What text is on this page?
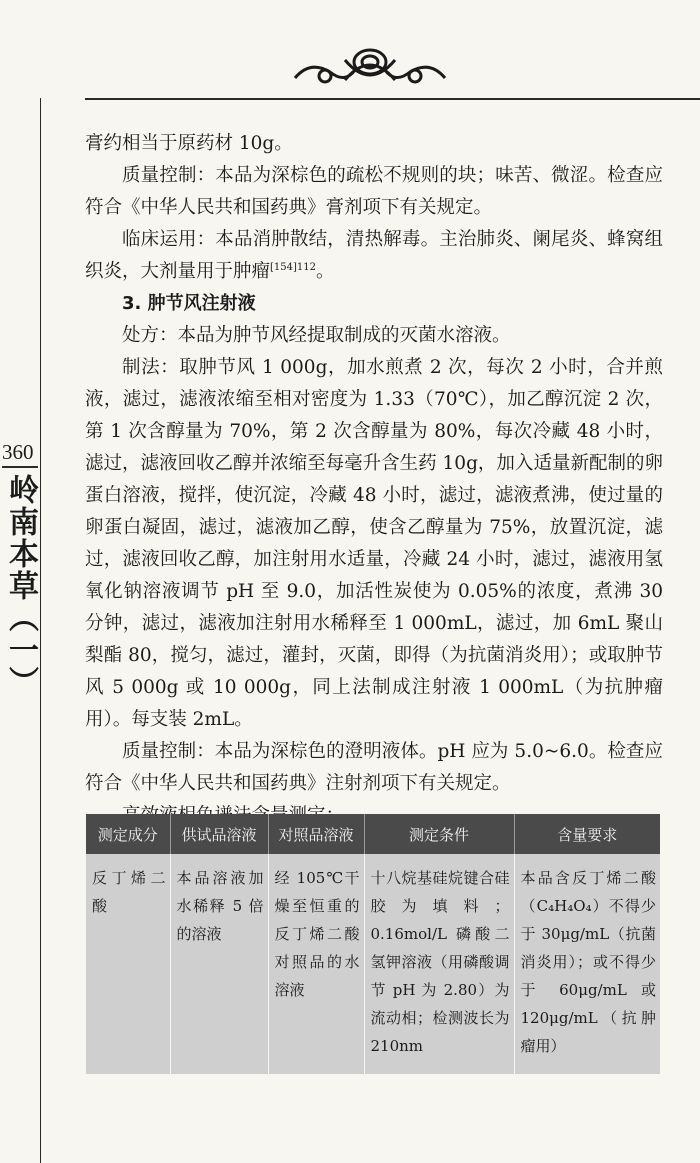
360
岭南本草（一）

膏约相当于原药材 10g。

质量控制：本品为深棕色的疏松不规则的块；味苦、微涩。检查应符合《中华人民共和国药典》膏剂项下有关规定。

临床运用：本品消肿散结，清热解毒。主治肺炎、阑尾炎、蜂窝组织炎，大剂量用于肿瘤$^{[154]112}$。

3. 肿节风注射液

处方：本品为肿节风经提取制成的灭菌水溶液。

制法：取肿节风 1 000g，加水煎煮 2 次，每次 2 小时，合并煎液，滤过，滤液浓缩至相对密度为 1.33（70℃），加乙醇沉淀 2 次，第 1 次含醇量为 70%，第 2 次含醇量为 80%，每次冷藏 48 小时，滤过，滤液回收乙醇并浓缩至每毫升含生药 10g，加入适量新配制的卵蛋白溶液，搅拌，使沉淀，冷藏 48 小时，滤过，滤液煮沸，使过量的卵蛋白凝固，滤过，滤液加乙醇，使含乙醇量为 75%，放置沉淀，滤过，滤液回收乙醇，加注射用水适量，冷藏 24 小时，滤过，滤液用氢氧化钠溶液调节 pH 至 9.0，加活性炭使为 0.05%的浓度，煮沸 30 分钟，滤过，滤液加注射用水稀释至 1 000mL，滤过，加 6mL 聚山梨酯 80，搅匀，滤过，灌封，灭菌，即得（为抗菌消炎用）；或取肿节风 5 000g 或 10 000g，同上法制成注射液 1 000mL（为抗肿瘤用）。每支装 2mL。

质量控制：本品为深棕色的澄明液体。pH 应为 5.0~6.0。检查应符合《中华人民共和国药典》注射剂项下有关规定。

测定成分	供试品溶液	对照品溶液	测定条件	含量要求
反丁烯二酸	本品溶液加水稀释 5 倍的溶液	经 105℃干燥至恒重的反丁烯二酸对照品的水溶液	十八烷基硅烷键合硅胶为填料；0.16mol/L 磷酸二氢钾溶液（用磷酸调节 pH 为 2.80）为流动相；检测波长为 210nm	本品含反丁烯二酸（C₄H₄O₄）不得少于 30μg/mL（抗菌消炎用）；或不得少于 60μg/mL 或 120μg/mL（抗肿瘤用）
